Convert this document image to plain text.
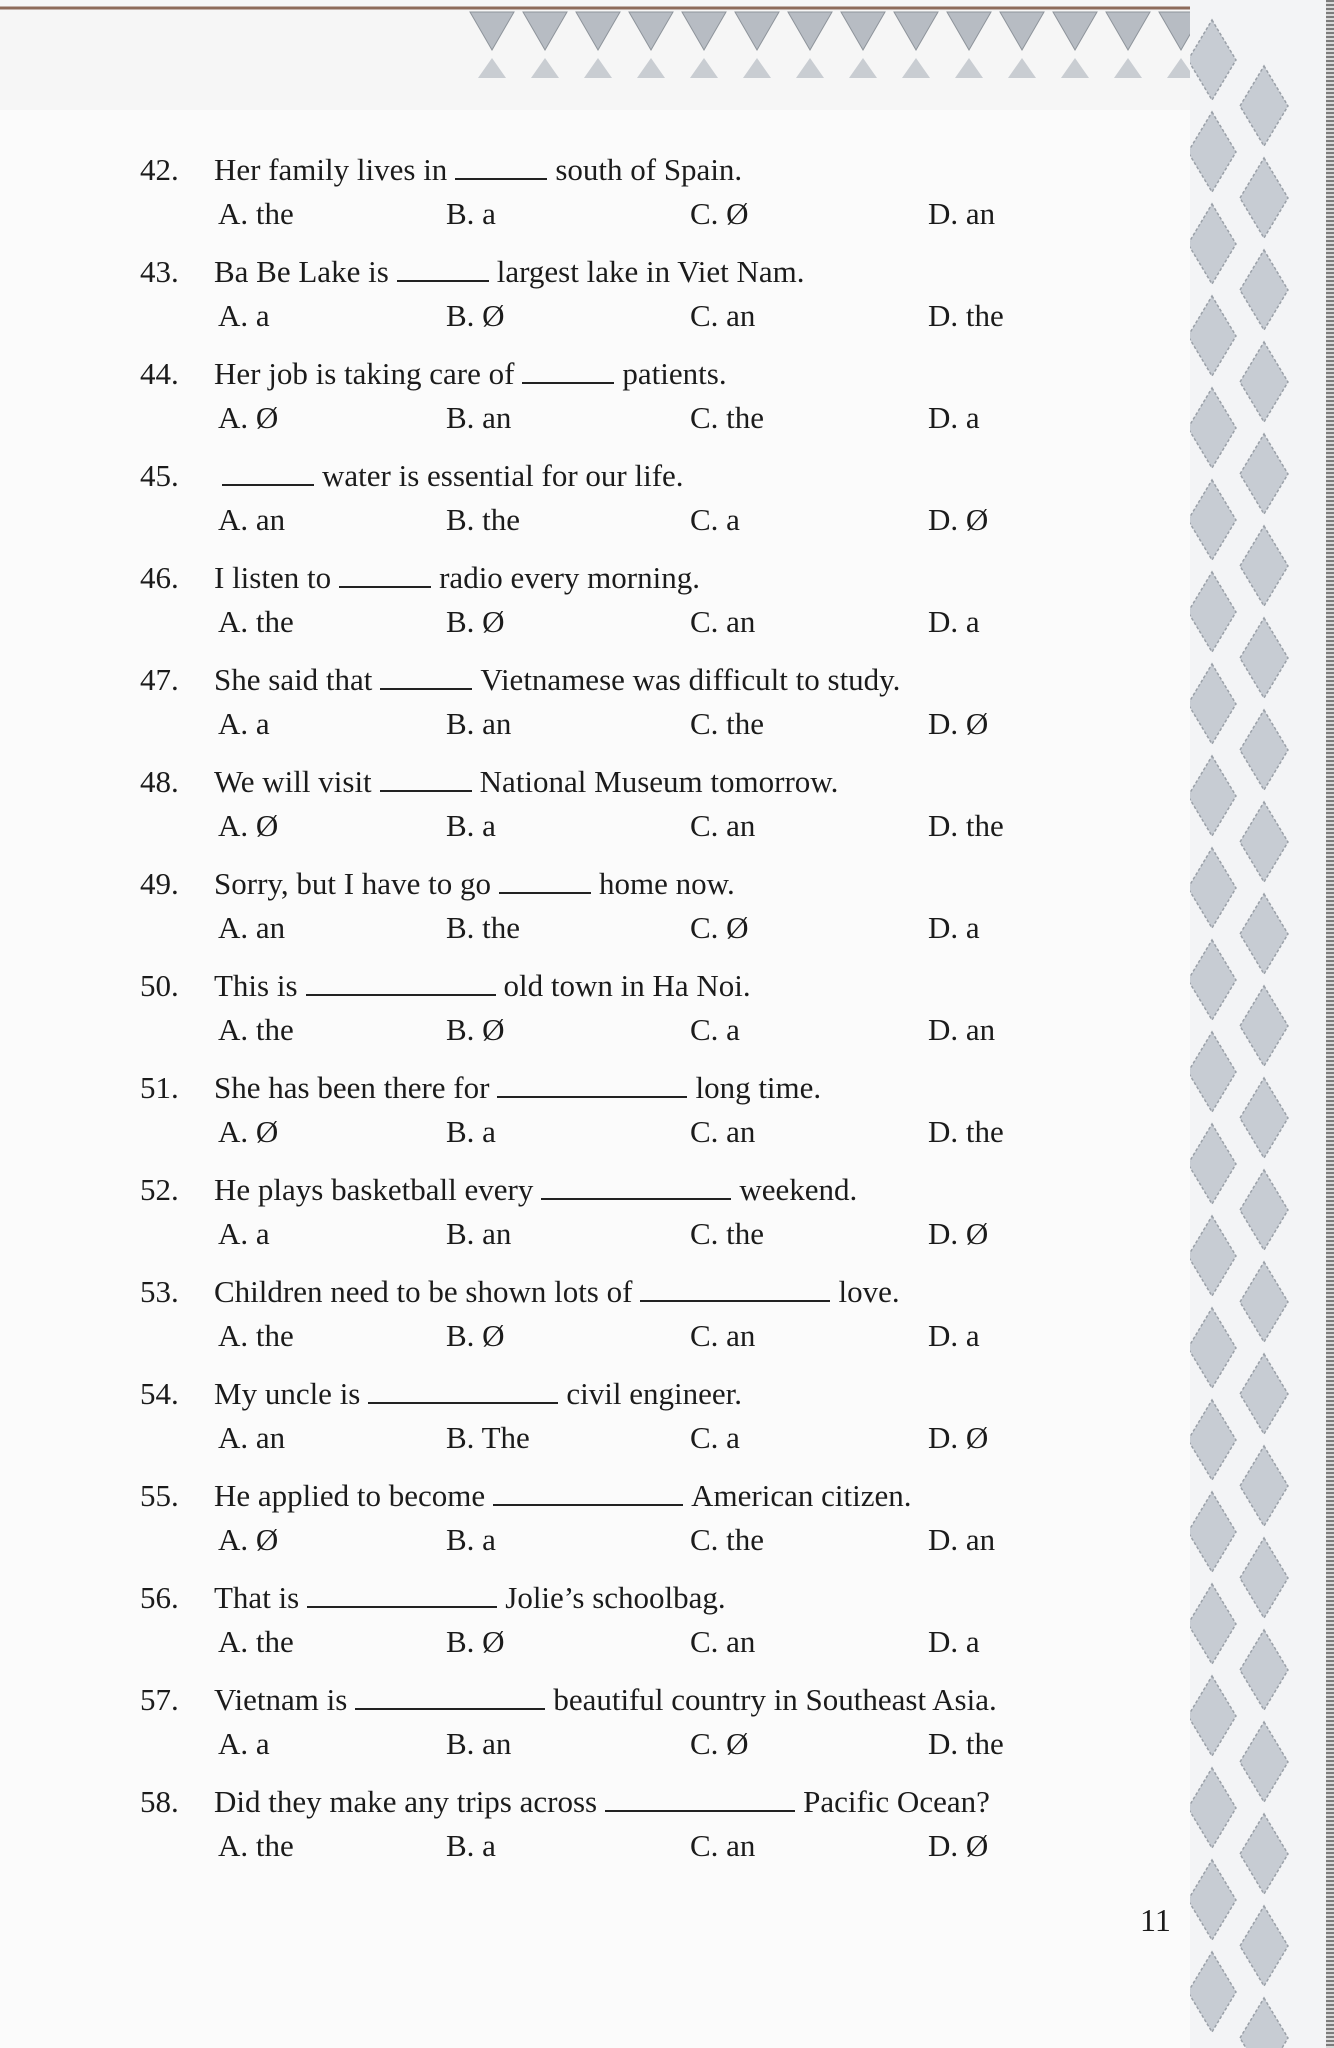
42. Her family lives in	south of Spain.
A. the	B. a	C. Ø	D. an
43. Ba Be Lake is	largest lake in Viet Nam.
A. a	B. Ø	C. an	D. the
44. Her job is taking care of	patients.
A. Ø	B. an	C. the	D. a
45.	water is essential for our life.
A. an	B. the	C. a	D. Ø
46. I listen to	radio every morning.
A. the	B. Ø	C. an	D. a
47. She said that	Vietnamese was difficult to study.
A. a	B. an	C. the	D. Ø
48. We will visit	National Museum tomorrow.
A. Ø	B. a	C. an	D. the
49. Sorry, but I have to go	home now.
A. an	B. the	C. Ø	D. a
50. This is	old town in Ha Noi.
A. the	B. Ø	C. a	D. an
51. She has been there for	long time.
A. Ø	B. a	C. an	D. the
52. He plays basketball every	weekend.
A. a	B. an	C. the	D. Ø
53. Children need to be shown lots of	love.
A. the	B. Ø	C. an	D. a
54. My uncle is	civil engineer.
A. an	B. The	C. a	D. Ø
55. He applied to become	American citizen.
A. Ø	B. a	C. the	D. an
56. That is	Jolie’s schoolbag.
A. the	B. Ø	C. an	D. a
57. Vietnam is	beautiful country in Southeast Asia.
A. a	B. an	C. Ø	D. the
58. Did they make any trips across	Pacific Ocean?
A. the	B. a	C. an	D. Ø
11
